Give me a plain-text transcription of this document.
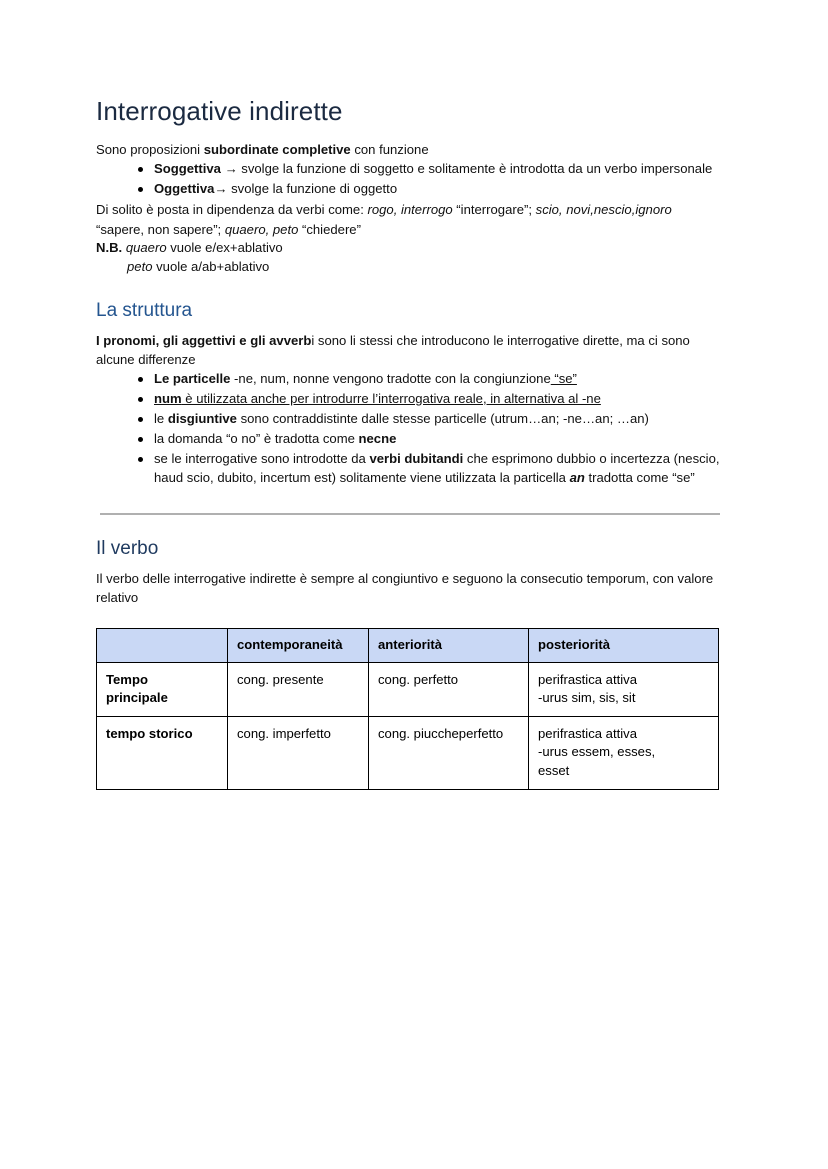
Interrogative indirette

Sono proposizioni subordinate completive con funzione

Soggettiva → svolge la funzione di soggetto e solitamente è introdotta da un verbo impersonale
Oggettiva→ svolge la funzione di oggetto

Di solito è posta in dipendenza da verbi come: rogo, interrogo “interrogare”; scio, novi,nescio,ignoro “sapere, non sapere”; quaero, peto “chiedere”

N.B. quaero vuole e/ex+ablativo

peto vuole a/ab+ablativo

La struttura

I pronomi, gli aggettivi e gli avverbi sono li stessi che introducono le interrogative dirette, ma ci sono alcune differenze

Le particelle -ne, num, nonne vengono tradotte con la congiunzione “se”
num è utilizzata anche per introdurre l’interrogativa reale, in alternativa al -ne
le disgiuntive sono contraddistinte dalle stesse particelle (utrum…an; -ne…an; …an)
la domanda “o no” è tradotta come necne
se le interrogative sono introdotte da verbi dubitandi che esprimono dubbio o incertezza (nescio, haud scio, dubito, incertum est) solitamente viene utilizzata la particella an tradotta come “se”
Il verbo

Il verbo delle interrogative indirette è sempre al congiuntivo e seguono la consecutio temporum, con valore relativo

	contemporaneità	anteriorità	posteriorità

Tempo
principale	cong. presente	cong. perfetto	perifrastica attiva
-urus sim, sis, sit

tempo storico	cong. imperfetto	cong. piuccheperfetto	perifrastica attiva
-urus essem, esses,
esset
